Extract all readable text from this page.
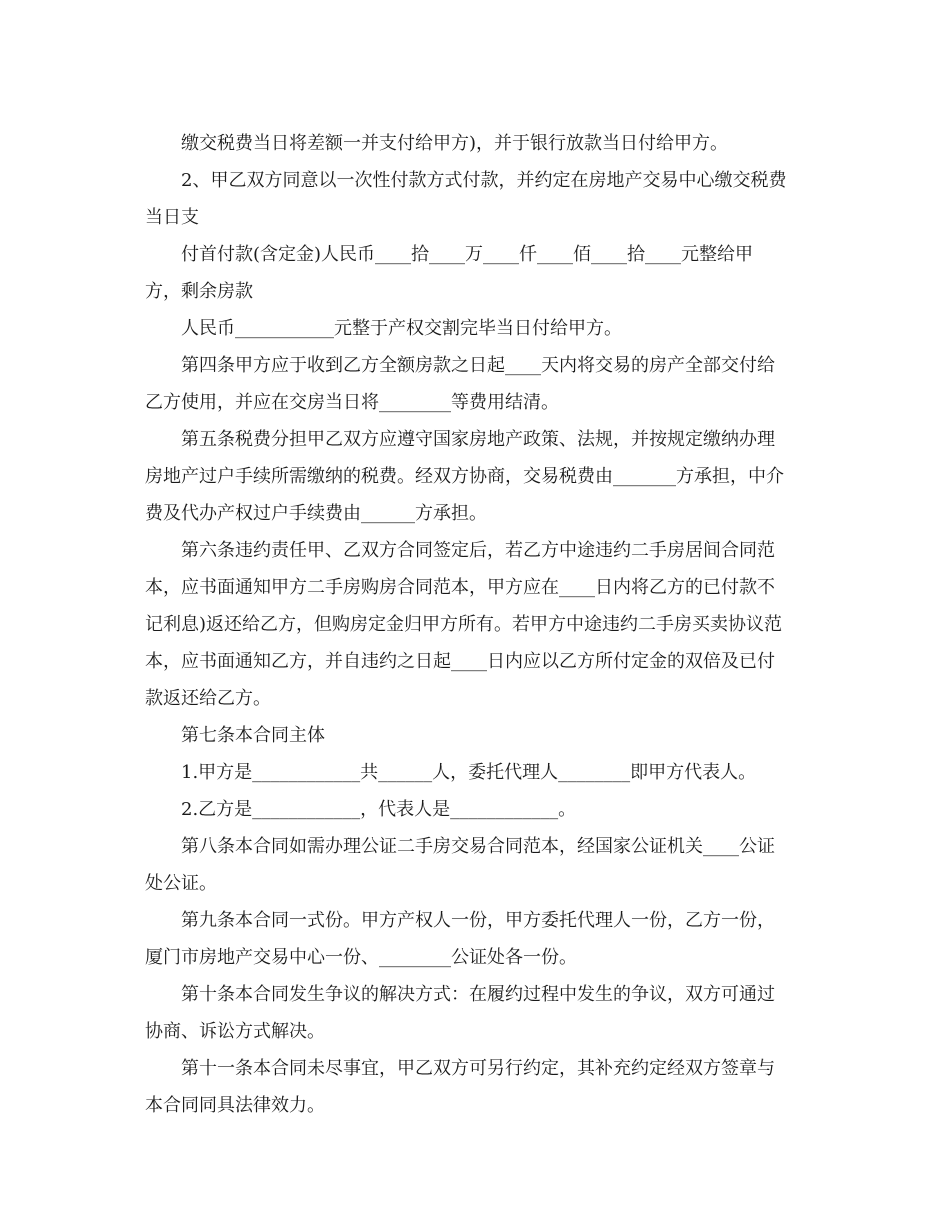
缴交税费当日将差额一并支付给甲方)，并于银行放款当日付给甲方。

2、甲乙双方同意以一次性付款方式付款，并约定在房地产交易中心缴交税费

当日支

付首付款(含定金)人民币____拾____万____仟____佰____拾____元整给甲

方，剩余房款

人民币___________元整于产权交割完毕当日付给甲方。

第四条甲方应于收到乙方全额房款之日起____天内将交易的房产全部交付给

乙方使用，并应在交房当日将________等费用结清。

第五条税费分担甲乙双方应遵守国家房地产政策、法规，并按规定缴纳办理

房地产过户手续所需缴纳的税费。经双方协商，交易税费由_______方承担，中介

费及代办产权过户手续费由______方承担。

第六条违约责任甲、乙双方合同签定后，若乙方中途违约二手房居间合同范

本，应书面通知甲方二手房购房合同范本，甲方应在____日内将乙方的已付款不

记利息)返还给乙方，但购房定金归甲方所有。若甲方中途违约二手房买卖协议范

本，应书面通知乙方，并自违约之日起____日内应以乙方所付定金的双倍及已付

款返还给乙方。

第七条本合同主体

1.甲方是____________共______人，委托代理人________即甲方代表人。

2.乙方是____________，代表人是____________。

第八条本合同如需办理公证二手房交易合同范本，经国家公证机关____公证

处公证。

第九条本合同一式份。甲方产权人一份，甲方委托代理人一份，乙方一份，

厦门市房地产交易中心一份、________公证处各一份。

第十条本合同发生争议的解决方式：在履约过程中发生的争议，双方可通过

协商、诉讼方式解决。

第十一条本合同未尽事宜，甲乙双方可另行约定，其补充约定经双方签章与

本合同同具法律效力。
